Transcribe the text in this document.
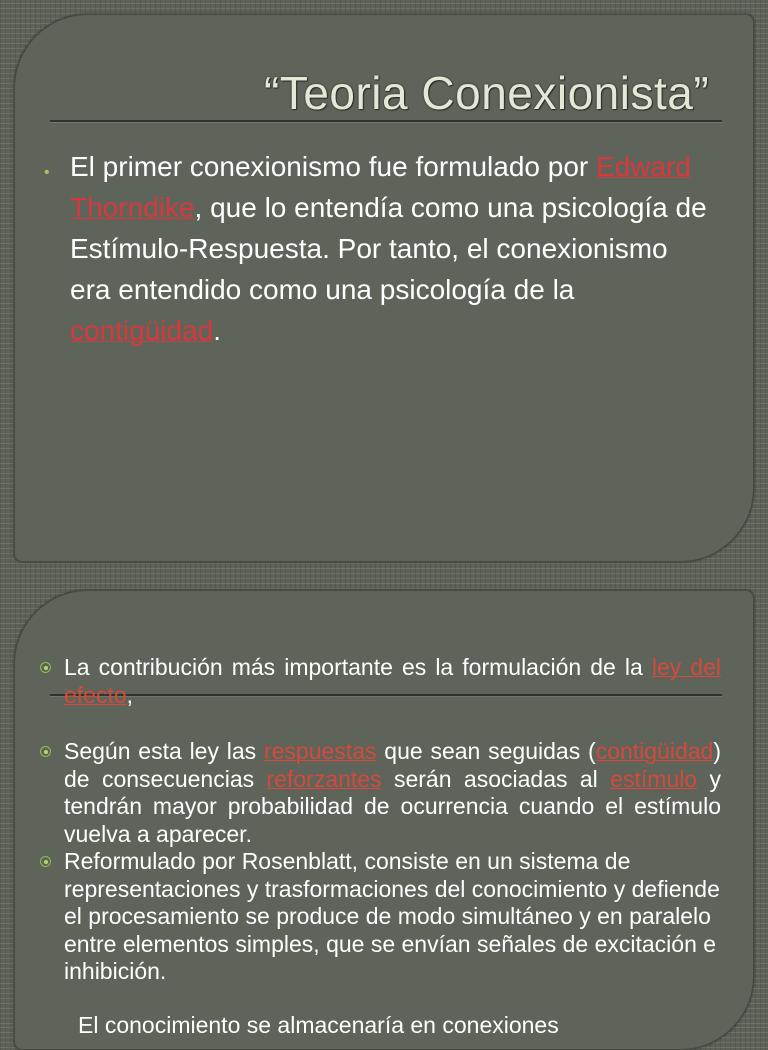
“Teoria Conexionista”
• El primer conexionismo fue formulado por Edward Thorndike, que lo entendía como una psicología de Estímulo-Respuesta. Por tanto, el conexionismo era entendido como una psicología de la contigüidad.

La contribución más importante es la formulación de la ley del efecto,

Según esta ley las respuestas que sean seguidas (contigüidad) de consecuencias reforzantes serán asociadas al estímulo y tendrán mayor probabilidad de ocurrencia cuando el estímulo vuelva a aparecer.

Reformulado por Rosenblatt, consiste en un sistema de representaciones y trasformaciones del conocimiento y defiende el procesamiento se produce de modo simultáneo y en paralelo entre elementos simples, que se envían señales de excitación e inhibición.

El conocimiento se almacenaría en conexiones
